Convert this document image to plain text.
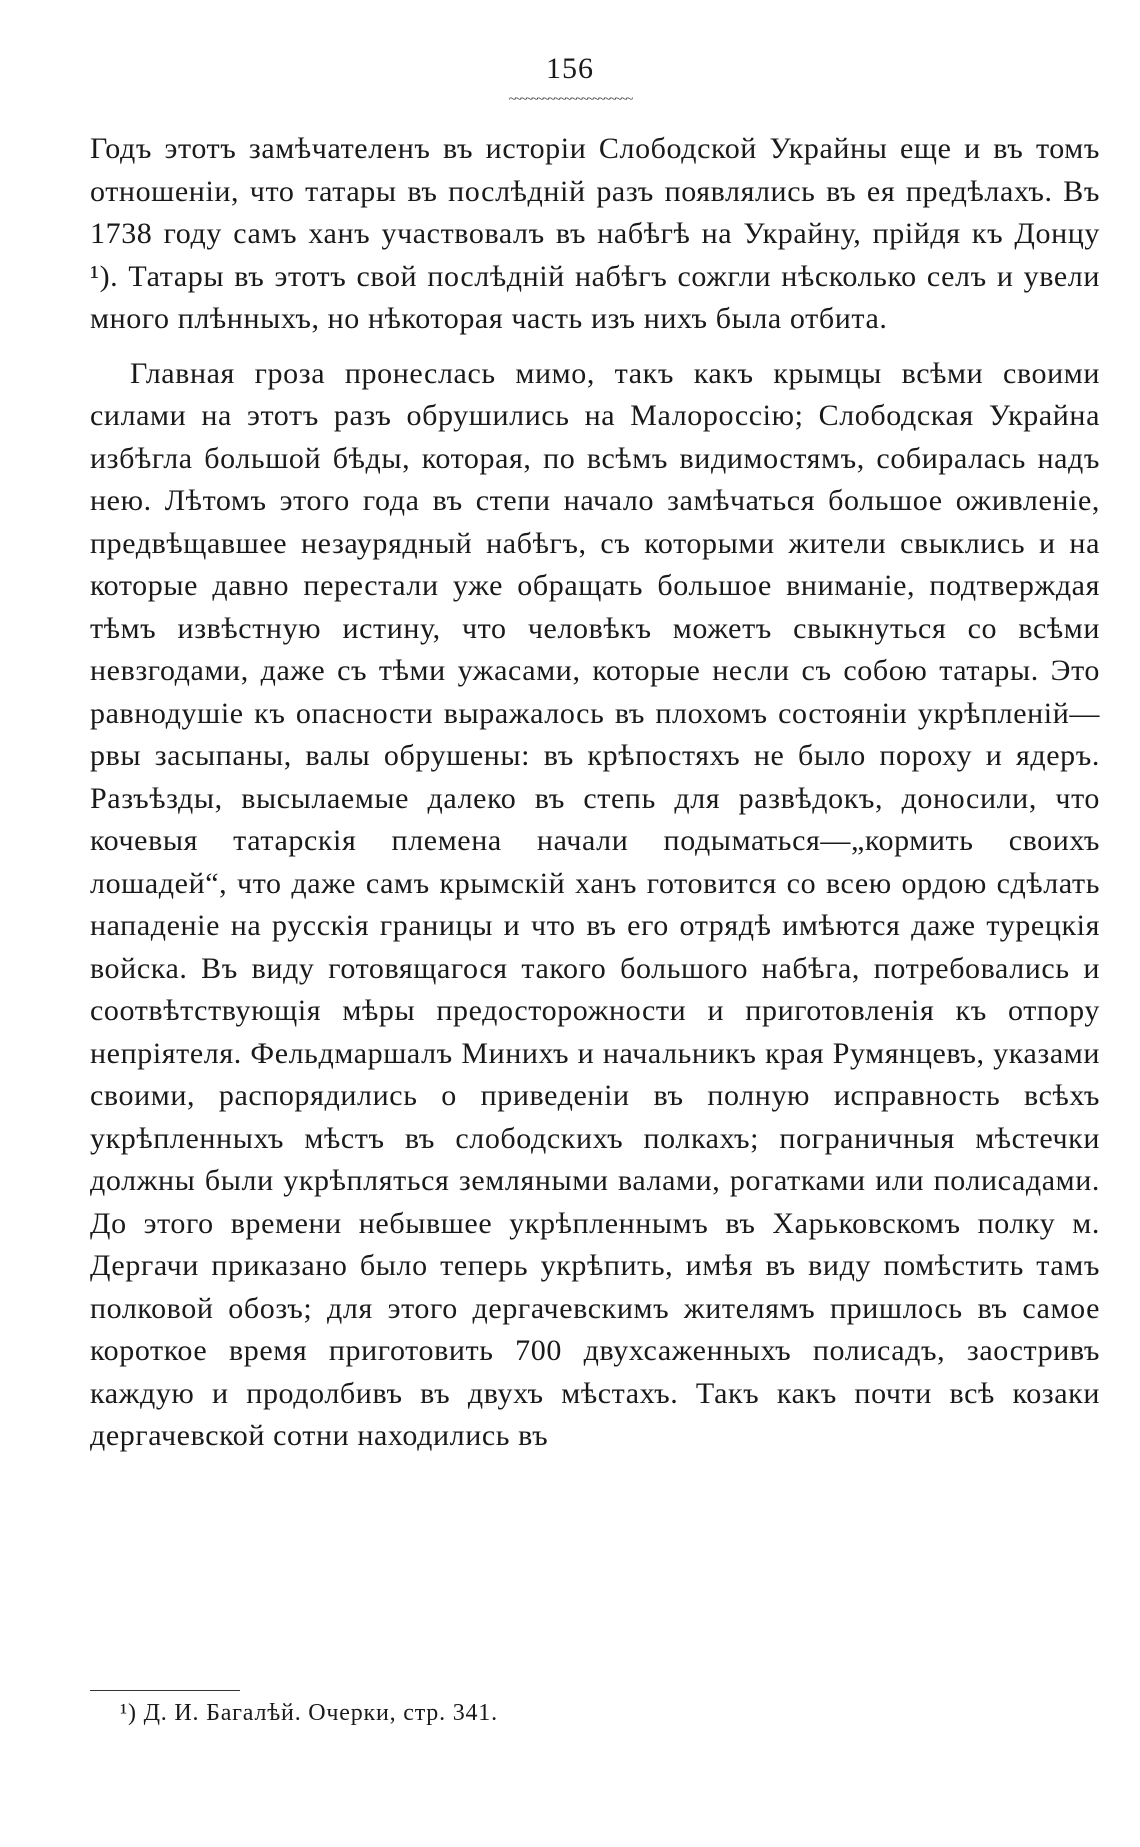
156
~~~~~~~~~~~~~~~~~~~~~~

Годъ этотъ замѣчателенъ въ исторіи Слободской Украйны еще и въ томъ отношеніи, что татары въ послѣдній разъ появлялись въ ея предѣлахъ. Въ 1738 году самъ ханъ участвовалъ въ набѣгѣ на Украйну, прійдя къ Донцу ¹). Татары въ этотъ свой послѣдній набѣгъ сожгли нѣсколько селъ и увели много плѣнныхъ, но нѣкоторая часть изъ нихъ была отбита.

Главная гроза пронеслась мимо, такъ какъ крымцы всѣми своими силами на этотъ разъ обрушились на Малороссію; Слободская Украйна избѣгла большой бѣды, которая, по всѣмъ видимостямъ, собиралась надъ нею. Лѣтомъ этого года въ степи начало замѣчаться большое оживленіе, предвѣщавшее незаурядный набѣгъ, съ которыми жители свыклись и на которые давно перестали уже обращать большое вниманіе, подтверждая тѣмъ извѣстную истину, что человѣкъ можетъ свыкнуться со всѣми невзгодами, даже съ тѣми ужасами, которые несли съ собою татары. Это равнодушіе къ опасности выражалось въ плохомъ состояніи укрѣпленій—рвы засыпаны, валы обрушены: въ крѣпостяхъ не было пороху и ядеръ. Разъѣзды, высылаемые далеко въ степь для развѣдокъ, доносили, что кочевыя татарскія племена начали подыматься—„кормить своихъ лошадей“, что даже самъ крымскій ханъ готовится со всею ордою сдѣлать нападеніе на русскія границы и что въ его отрядѣ имѣются даже турецкія войска. Въ виду готовящагося такого большого набѣга, потребовались и соотвѣтствующія мѣры предосторожности и приготовленія къ отпору непріятеля. Фельдмаршалъ Минихъ и начальникъ края Румянцевъ, указами своими, распорядились о приведеніи въ полную исправность всѣхъ укрѣпленныхъ мѣстъ въ слободскихъ полкахъ; пограничныя мѣстечки должны были укрѣпляться земляными валами, рогатками или полисадами. До этого времени небывшее укрѣпленнымъ въ Харьковскомъ полку м. Дергачи приказано было теперь укрѣпить, имѣя въ виду помѣстить тамъ полковой обозъ; для этого дергачевскимъ жителямъ пришлось въ самое короткое время приготовить 700 двухсаженныхъ полисадъ, заостривъ каждую и продолбивъ въ двухъ мѣстахъ. Такъ какъ почти всѣ козаки дергачевской сотни находились въ

¹) Д. И. Багалѣй. Очерки, стр. 341.
